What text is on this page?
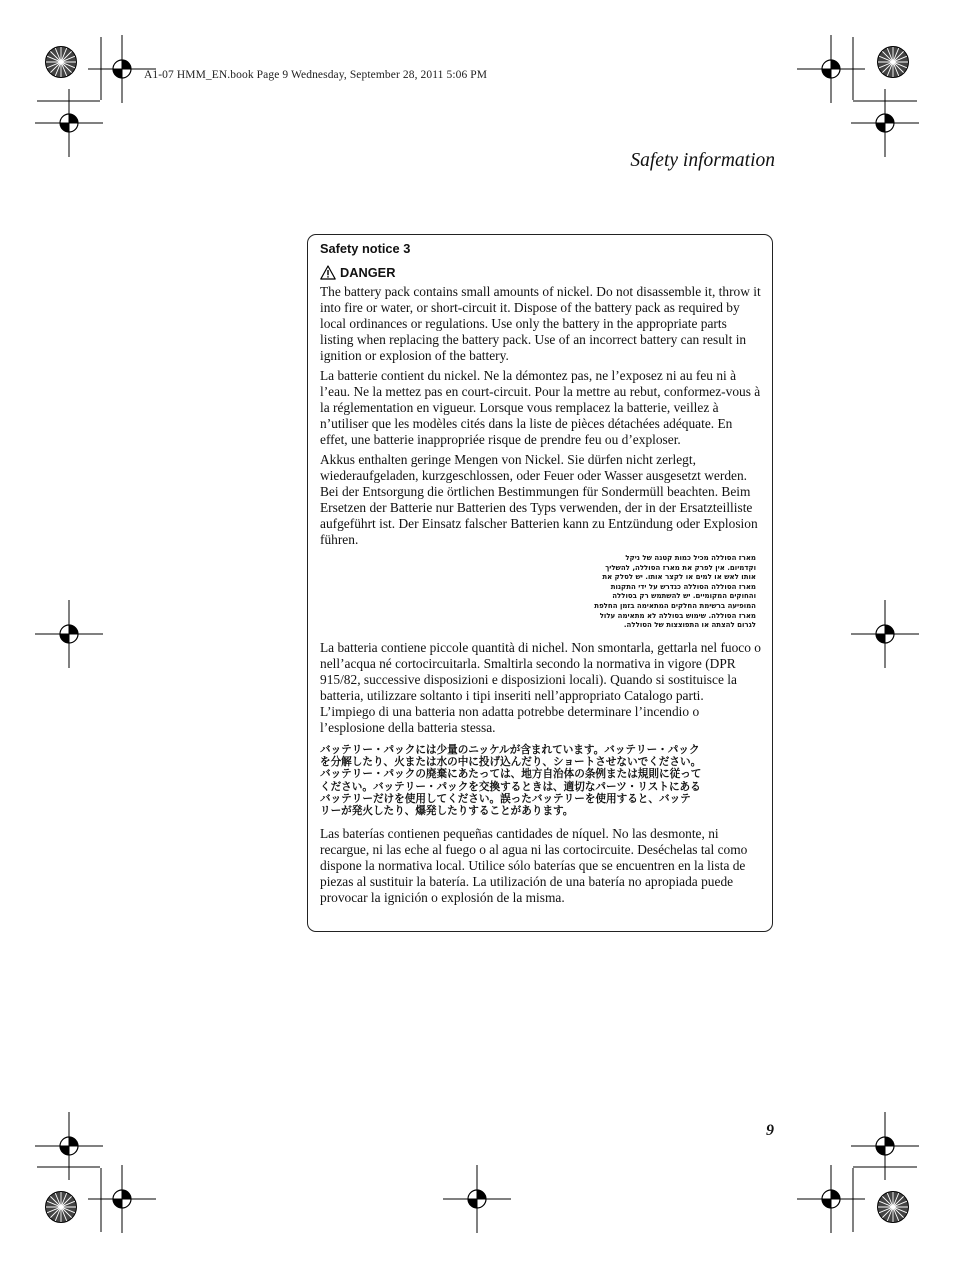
A1-07 HMM_EN.book Page 9 Wednesday, September 28, 2011 5:06 PM
Safety information
Safety notice 3
DANGER

The battery pack contains small amounts of nickel. Do not disassemble it, throw it into fire or water, or short-circuit it. Dispose of the battery pack as required by local ordinances or regulations. Use only the battery in the appropriate parts listing when replacing the battery pack. Use of an incorrect battery can result in ignition or explosion of the battery.

La batterie contient du nickel. Ne la démontez pas, ne l’exposez ni au feu ni à l’eau. Ne la mettez pas en court-circuit. Pour la mettre au rebut, conformez-vous à la réglementation en vigueur. Lorsque vous remplacez la batterie, veillez à n’utiliser que les modèles cités dans la liste de pièces détachées adéquate. En effet, une batterie inappropriée risque de prendre feu ou d’exploser.

Akkus enthalten geringe Mengen von Nickel. Sie dürfen nicht zerlegt, wiederaufgeladen, kurzgeschlossen, oder Feuer oder Wasser ausgesetzt werden. Bei der Entsorgung die örtlichen Bestimmungen für Sondermüll beachten. Beim Ersetzen der Batterie nur Batterien des Typs verwenden, der in der Ersatzteilliste aufgeführt ist. Der Einsatz falscher Batterien kann zu Entzündung oder Explosion führen.

מארז הסוללה מכיל כמות קטנה של ניקל
וקדמיום. אין לפרק את מארז הסוללה, להשליך
אותו לאש או למים או לקצר אותו. יש לסלק את
מארז הסוללה הסוללה כנדרש על ידי התקנות
והחוקים המקומיים. יש להשתמש רק בסוללה
המופיעה ברשימת החלקים המתאימה בזמן החלפת
מארז הסוללה. שימוש בסוללה לא מתאימה עלול
לגרום להצתה או התפוצצות של הסוללה.

La batteria contiene piccole quantità di nichel. Non smontarla, gettarla nel fuoco o nell’acqua né cortocircuitarla. Smaltirla secondo la normativa in vigore (DPR 915/82, successive disposizioni e disposizioni locali). Quando si sostituisce la batteria, utilizzare soltanto i tipi inseriti nell’appropriato Catalogo parti. L’impiego di una batteria non adatta potrebbe determinare l’incendio o l’esplosione della batteria stessa.

バッテリー・パックには少量のニッケルが含まれています。バッテリー・パック
を分解したり、火または水の中に投げ込んだり、ショートさせないでください。
バッテリー・パックの廃棄にあたっては、地方自治体の条例または規則に従って
ください。バッテリー・パックを交換するときは、適切なパーツ・リストにある
バッテリーだけを使用してください。誤ったバッテリーを使用すると、バッテ
リーが発火したり、爆発したりすることがあります。

Las baterías contienen pequeñas cantidades de níquel. No las desmonte, ni recargue, ni las eche al fuego o al agua ni las cortocircuite. Deséchelas tal como dispone la normativa local. Utilice sólo baterías que se encuentren en la lista de piezas al sustituir la batería. La utilización de una batería no apropiada puede provocar la ignición o explosión de la misma.

9
